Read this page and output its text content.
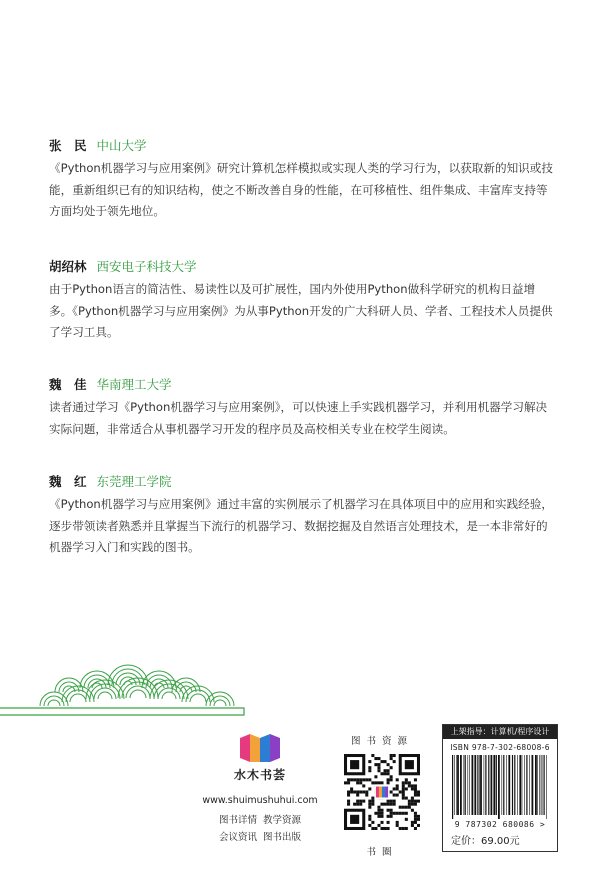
张　民 中山大学
《Python机器学习与应用案例》研究计算机怎样模拟或实现人类的学习行为，以获取新的知识或技能，重新组织已有的知识结构，使之不断改善自身的性能，在可移植性、组件集成、丰富库支持等方面均处于领先地位。
胡绍林 西安电子科技大学
由于Python语言的简洁性、易读性以及可扩展性，国内外使用Python做科学研究的机构日益增多。《Python机器学习与应用案例》为从事Python开发的广大科研人员、学者、工程技术人员提供了学习工具。
魏　佳 华南理工大学
读者通过学习《Python机器学习与应用案例》，可以快速上手实践机器学习，并利用机器学习解决实际问题，非常适合从事机器学习开发的程序员及高校相关专业在校学生阅读。
魏　红 东莞理工学院
《Python机器学习与应用案例》通过丰富的实例展示了机器学习在具体项目中的应用和实践经验，逐步带领读者熟悉并且掌握当下流行的机器学习、数据挖掘及自然语言处理技术，是一本非常好的机器学习入门和实践的图书。
水木书荟
www.shuimushuhui.com
图书详情 教学资源
会议资讯 图书出版
图书资源
书圈
上架指导：计算机/程序设计
ISBN 978-7-302-68008-6
9 787302 680086 >
定价：69.00元
